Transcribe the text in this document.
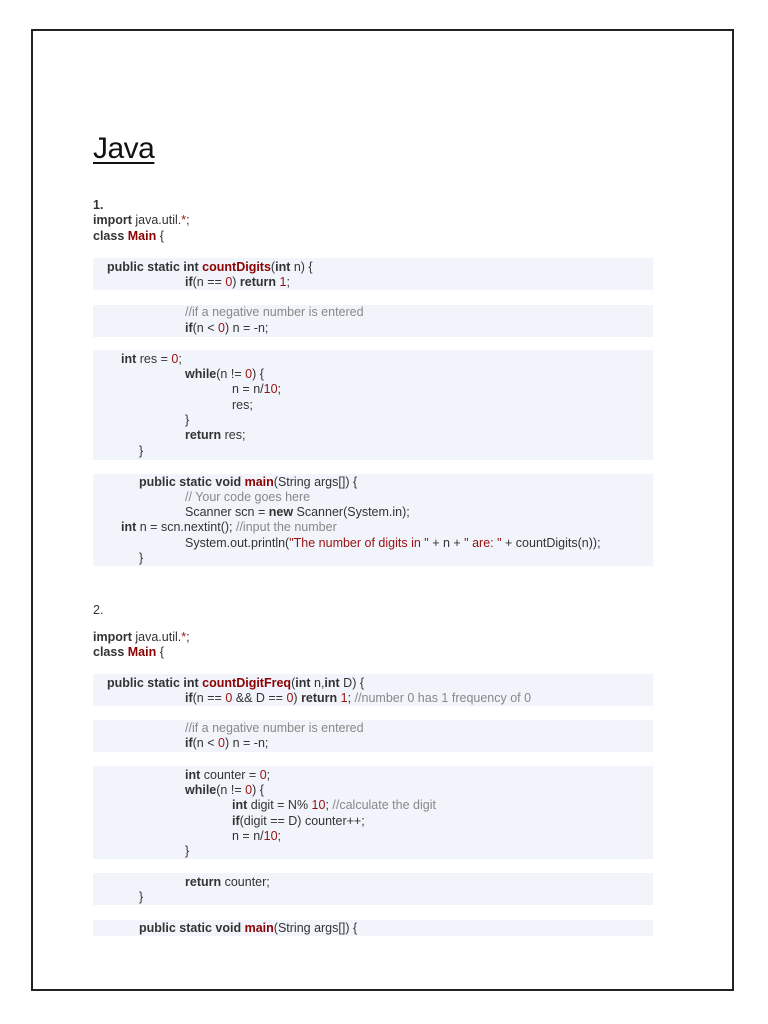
Java
1.
import java.util.*;
class Main {
public static int countDigits(int n) {
if(n == 0) return 1;
//if a negative number is entered
if(n < 0) n = -n;
int res = 0;
while(n != 0) {
n = n/10;
res;
}
return res;
}
public static void main(String args[]) {
// Your code goes here
Scanner scn = new Scanner(System.in);
int n = scn.nextint(); //input the number
System.out.println("The number of digits in " + n + " are: " + countDigits(n));
}
2.
import java.util.*;
class Main {
public static int countDigitFreq(int n,int D) {
if(n == 0 && D == 0) return 1; //number 0 has 1 frequency of 0
//if a negative number is entered
if(n < 0) n = -n;
int counter = 0;
while(n != 0) {
int digit = N% 10; //calculate the digit
if(digit == D) counter++;
n = n/10;
}
return counter;
}
public static void main(String args[]) {
